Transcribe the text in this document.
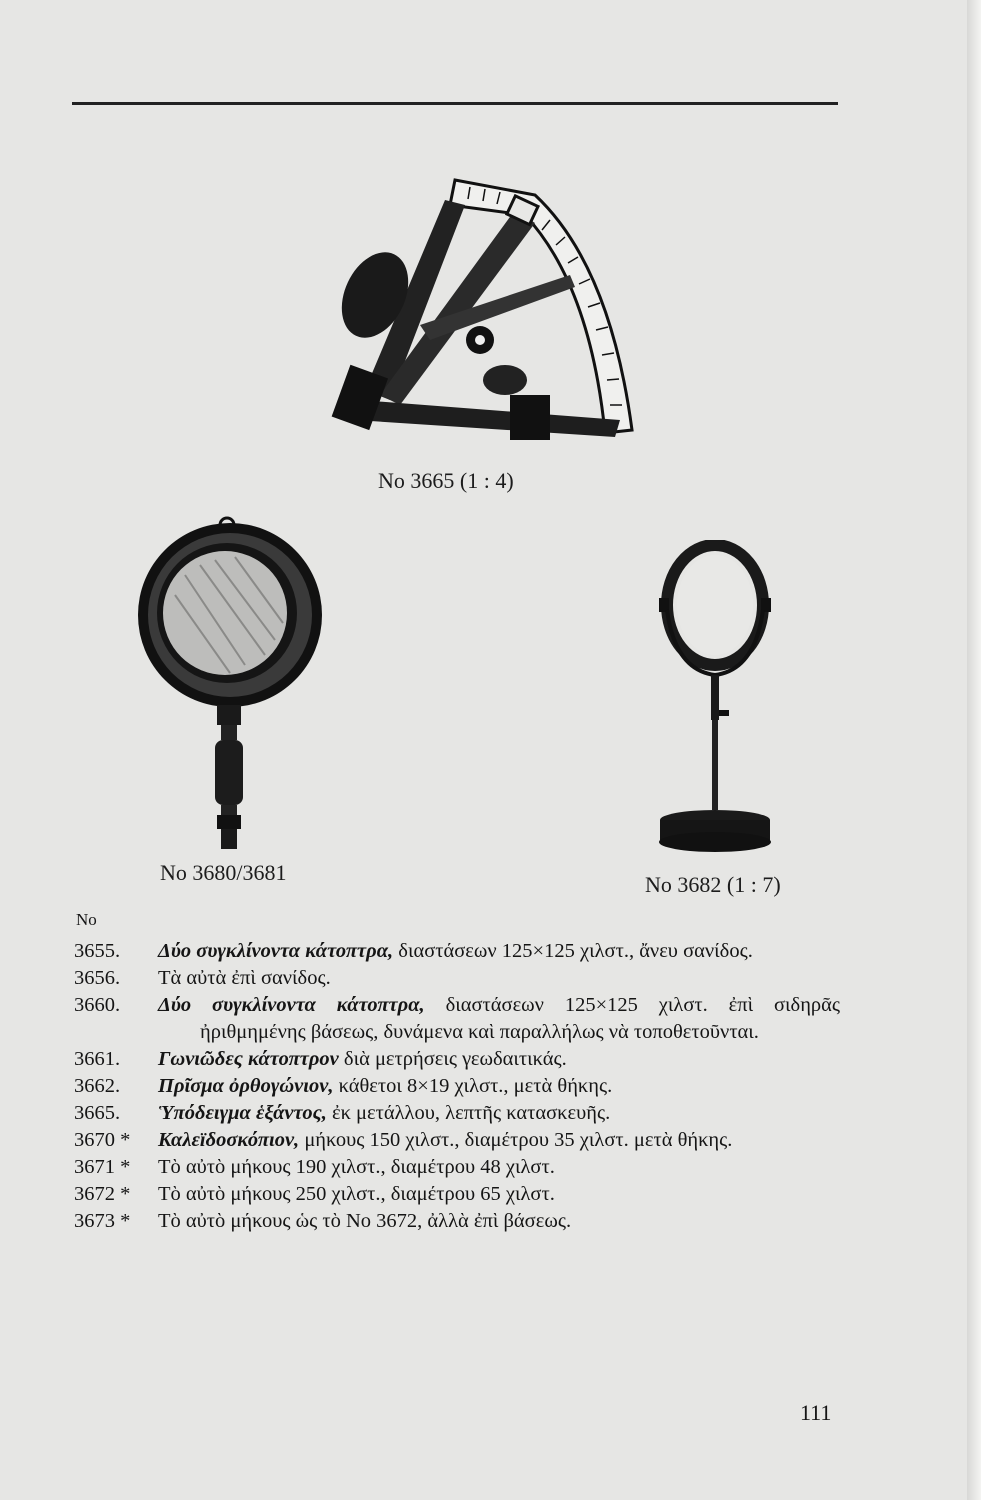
No 3665 (1 : 4)
No 3680/3681	No 3682 (1 : 7)
No
3655.	Δύο συγκλίνοντα κάτοπτρα, διαστάσεων 125×125 χιλστ., ἄνευ σανίδος.
3656.	Τὰ αὐτὰ ἐπὶ σανίδος.
3660.	Δύο συγκλίνοντα κάτοπτρα, διαστάσεων 125×125 χιλστ. ἐπὶ σιδηρᾶς ἠριθμημένης βάσεως, δυνάμενα καὶ παραλλήλως νὰ τοποθετοῦνται.
3661.	Γωνιῶδες κάτοπτρον διὰ μετρήσεις γεωδαιτικάς.
3662.	Πρῖσμα ὀρθογώνιον, κάθετοι 8×19 χιλστ., μετὰ θήκης.
3665.	Ὑπόδειγμα ἑξάντος, ἐκ μετάλλου, λεπτῆς κατασκευῆς.
3670 *	Καλεϊδοσκόπιον, μήκους 150 χιλστ., διαμέτρου 35 χιλστ. μετὰ θήκης.
3671 *	Τὸ αὐτὸ μήκους 190 χιλστ., διαμέτρου 48 χιλστ.
3672 *	Τὸ αὐτὸ μήκους 250 χιλστ., διαμέτρου 65 χιλστ.
3673 *	Τὸ αὐτὸ μήκους ὡς τὸ Νο 3672, ἀλλὰ ἐπὶ βάσεως.
111
